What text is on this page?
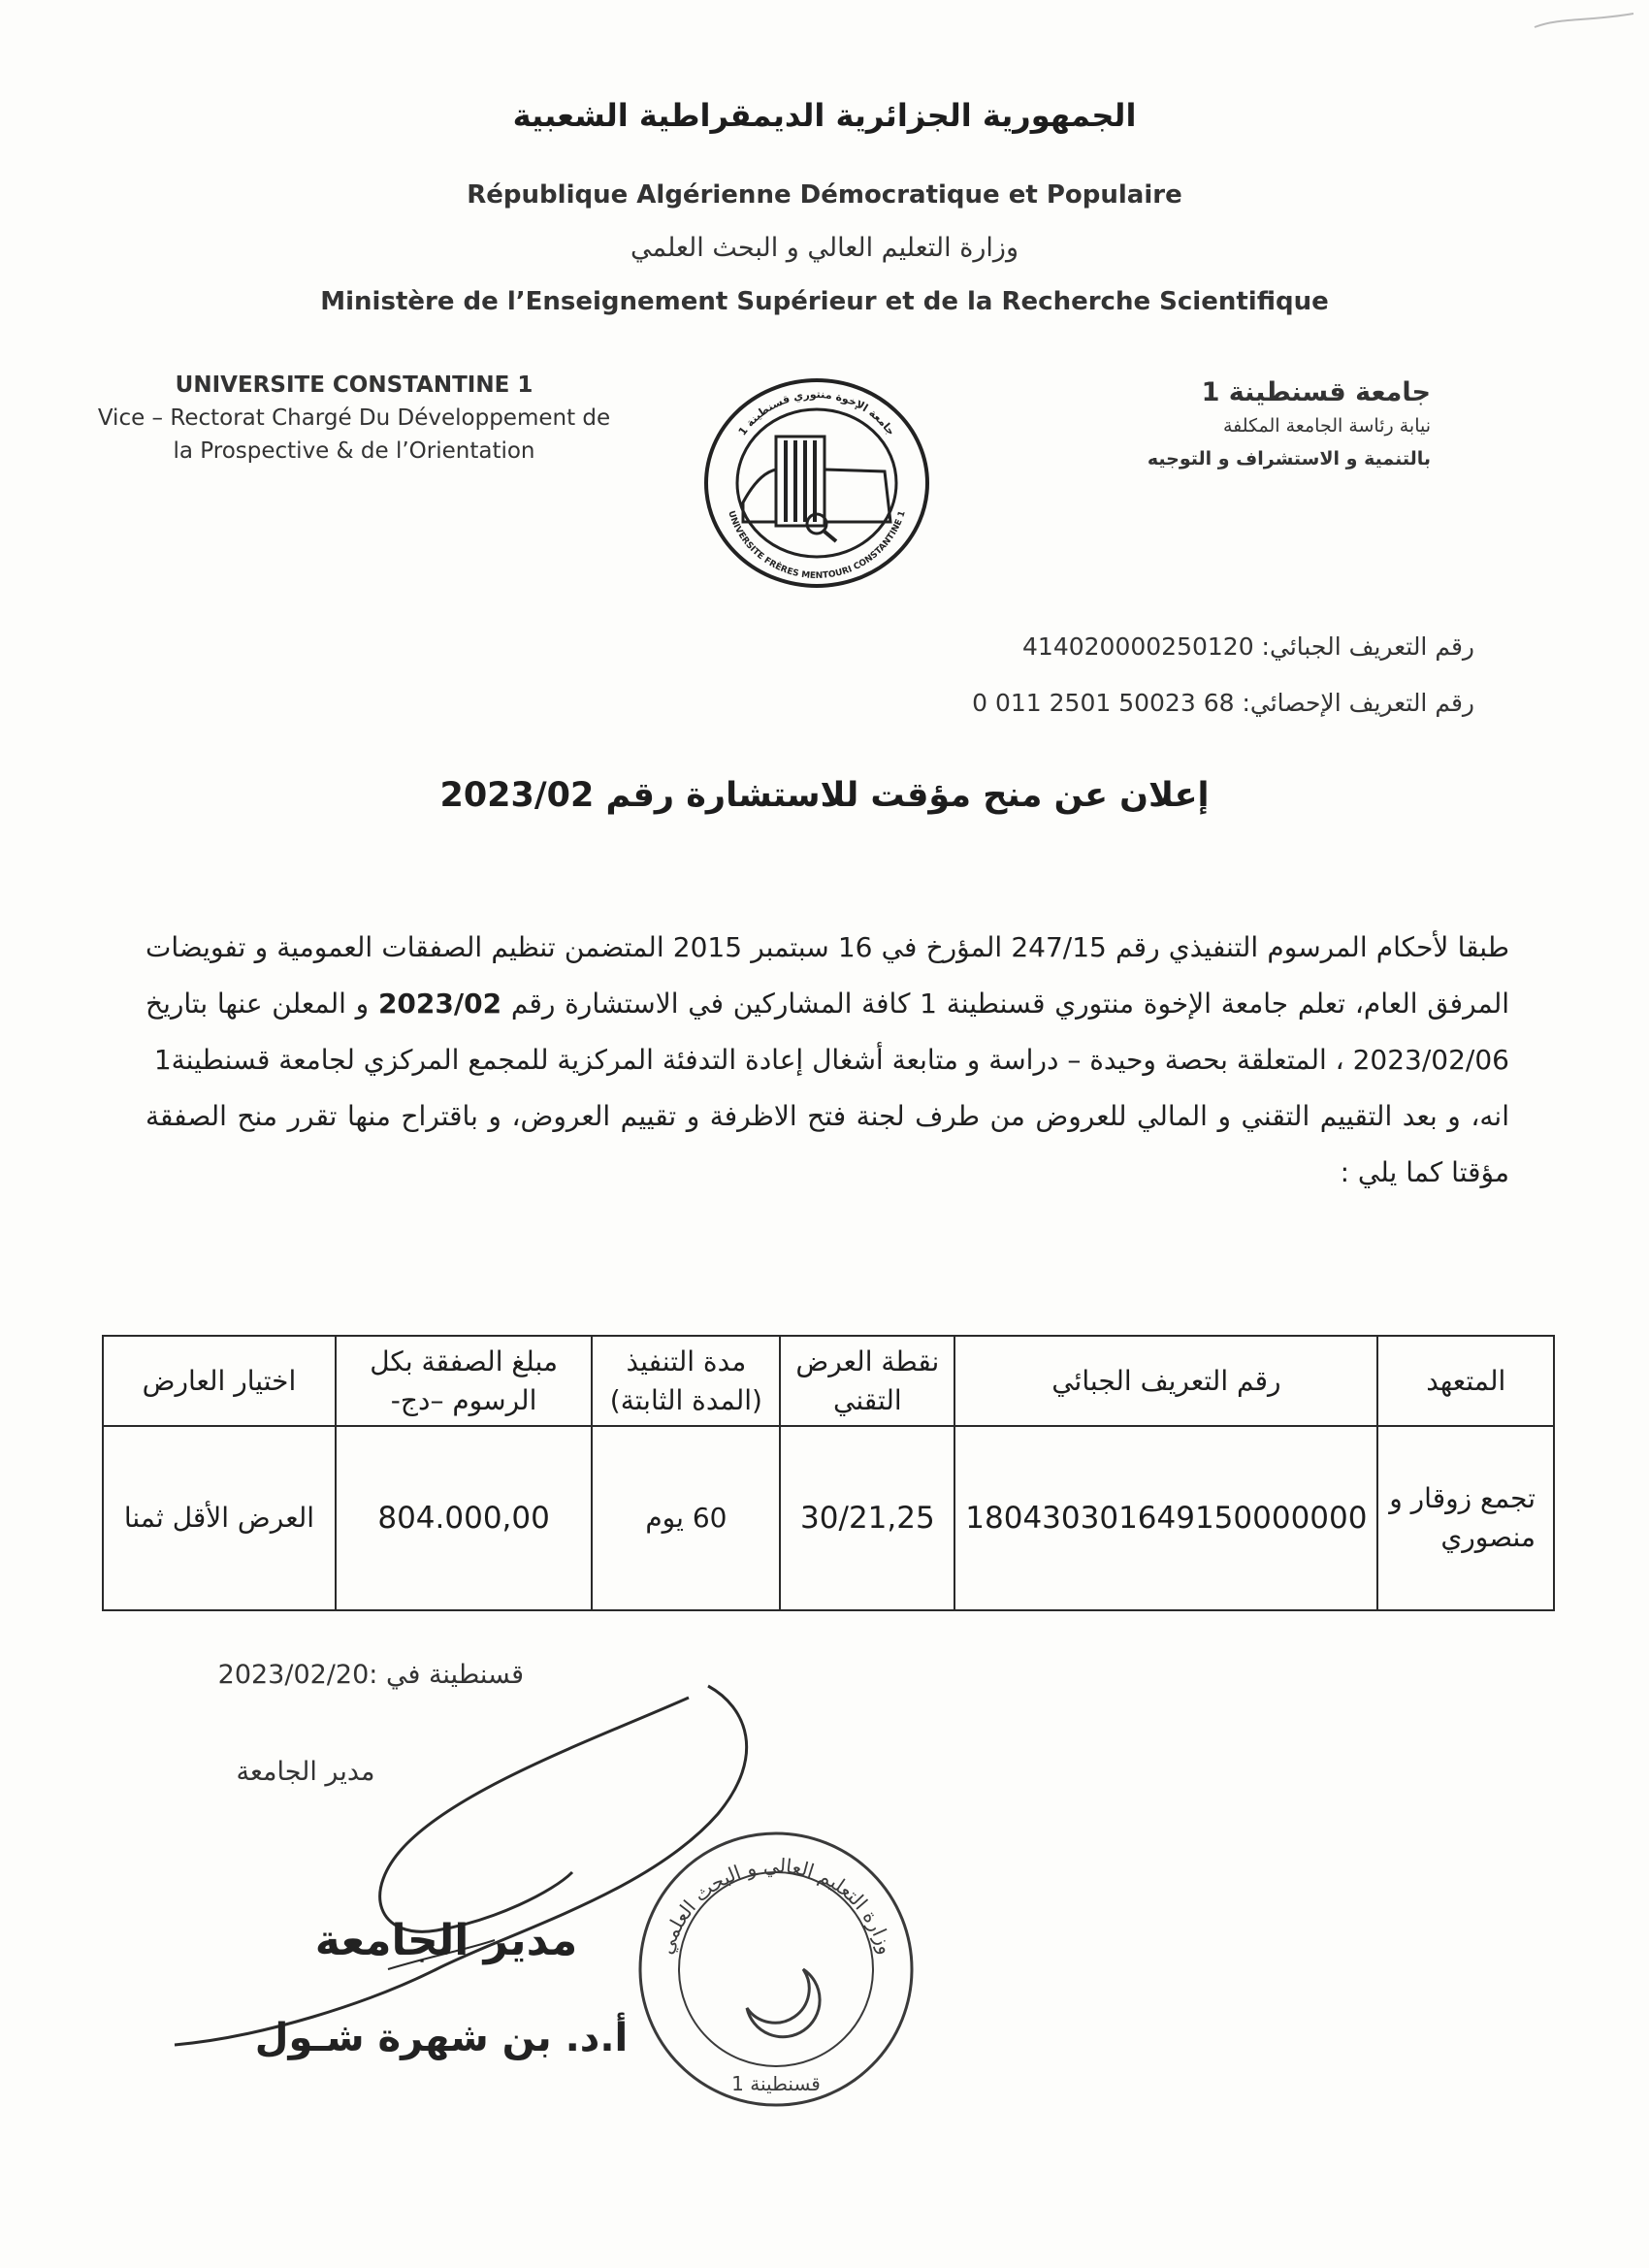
الجمهورية الجزائرية الديمقراطية الشعبية
République Algérienne Démocratique et Populaire
وزارة التعليم العالي و البحث العلمي
Ministère de l’Enseignement Supérieur et de la Recherche Scientifique
UNIVERSITE CONSTANTINE 1
Vice – Rectorat Chargé Du Développement de
la Prospective & de l’Orientation
جامعة قسنطينة 1
نيابة رئاسة الجامعة المكلفة
بالتنمية و الاستشراف و التوجيه
جامعة الإخوة منتوري قسنطينة 1
UNIVERSITE FRÈRES MENTOURI CONSTANTINE 1
رقم التعريف الجبائي: 414020000250120
رقم التعريف الإحصائي: 68 50023 2501 011 0
إعلان عن منح مؤقت للاستشارة رقم 2023/02

طبقا لأحكام المرسوم التنفيذي رقم 247/15 المؤرخ في 16 سبتمبر 2015 المتضمن تنظيم الصفقات العمومية و تفويضات المرفق العام، تعلم جامعة الإخوة منتوري قسنطينة 1 كافة المشاركين في الاستشارة رقم 2023/02 و المعلن عنها بتاريخ 2023/02/06 ، المتعلقة بحصة وحيدة – دراسة و متابعة أشغال إعادة التدفئة المركزية للمجمع المركزي لجامعة قسنطينة1

انه، و بعد التقييم التقني و المالي للعروض من طرف لجنة فتح الاظرفة و تقييم العروض، و باقتراح منها تقرر منح الصفقة مؤقتا كما يلي :

المتعهد	رقم التعريف الجبائي	نقطة العرض التقني	مدة التنفيذ (المدة الثابتة)	مبلغ الصفقة بكل الرسوم –دج-	اختيار العارض
تجمع زوقار و منصوري	180430301649150000000	30/21,25	60 يوم	804.000,00	العرض الأقل ثمنا
قسنطينة في :2023/02/20
مدير الجامعة
مدير الجامعة
أ.د. بن شهرة شـول
وزارة التعليم العالي و البحث العلمي
قسنطينة 1
